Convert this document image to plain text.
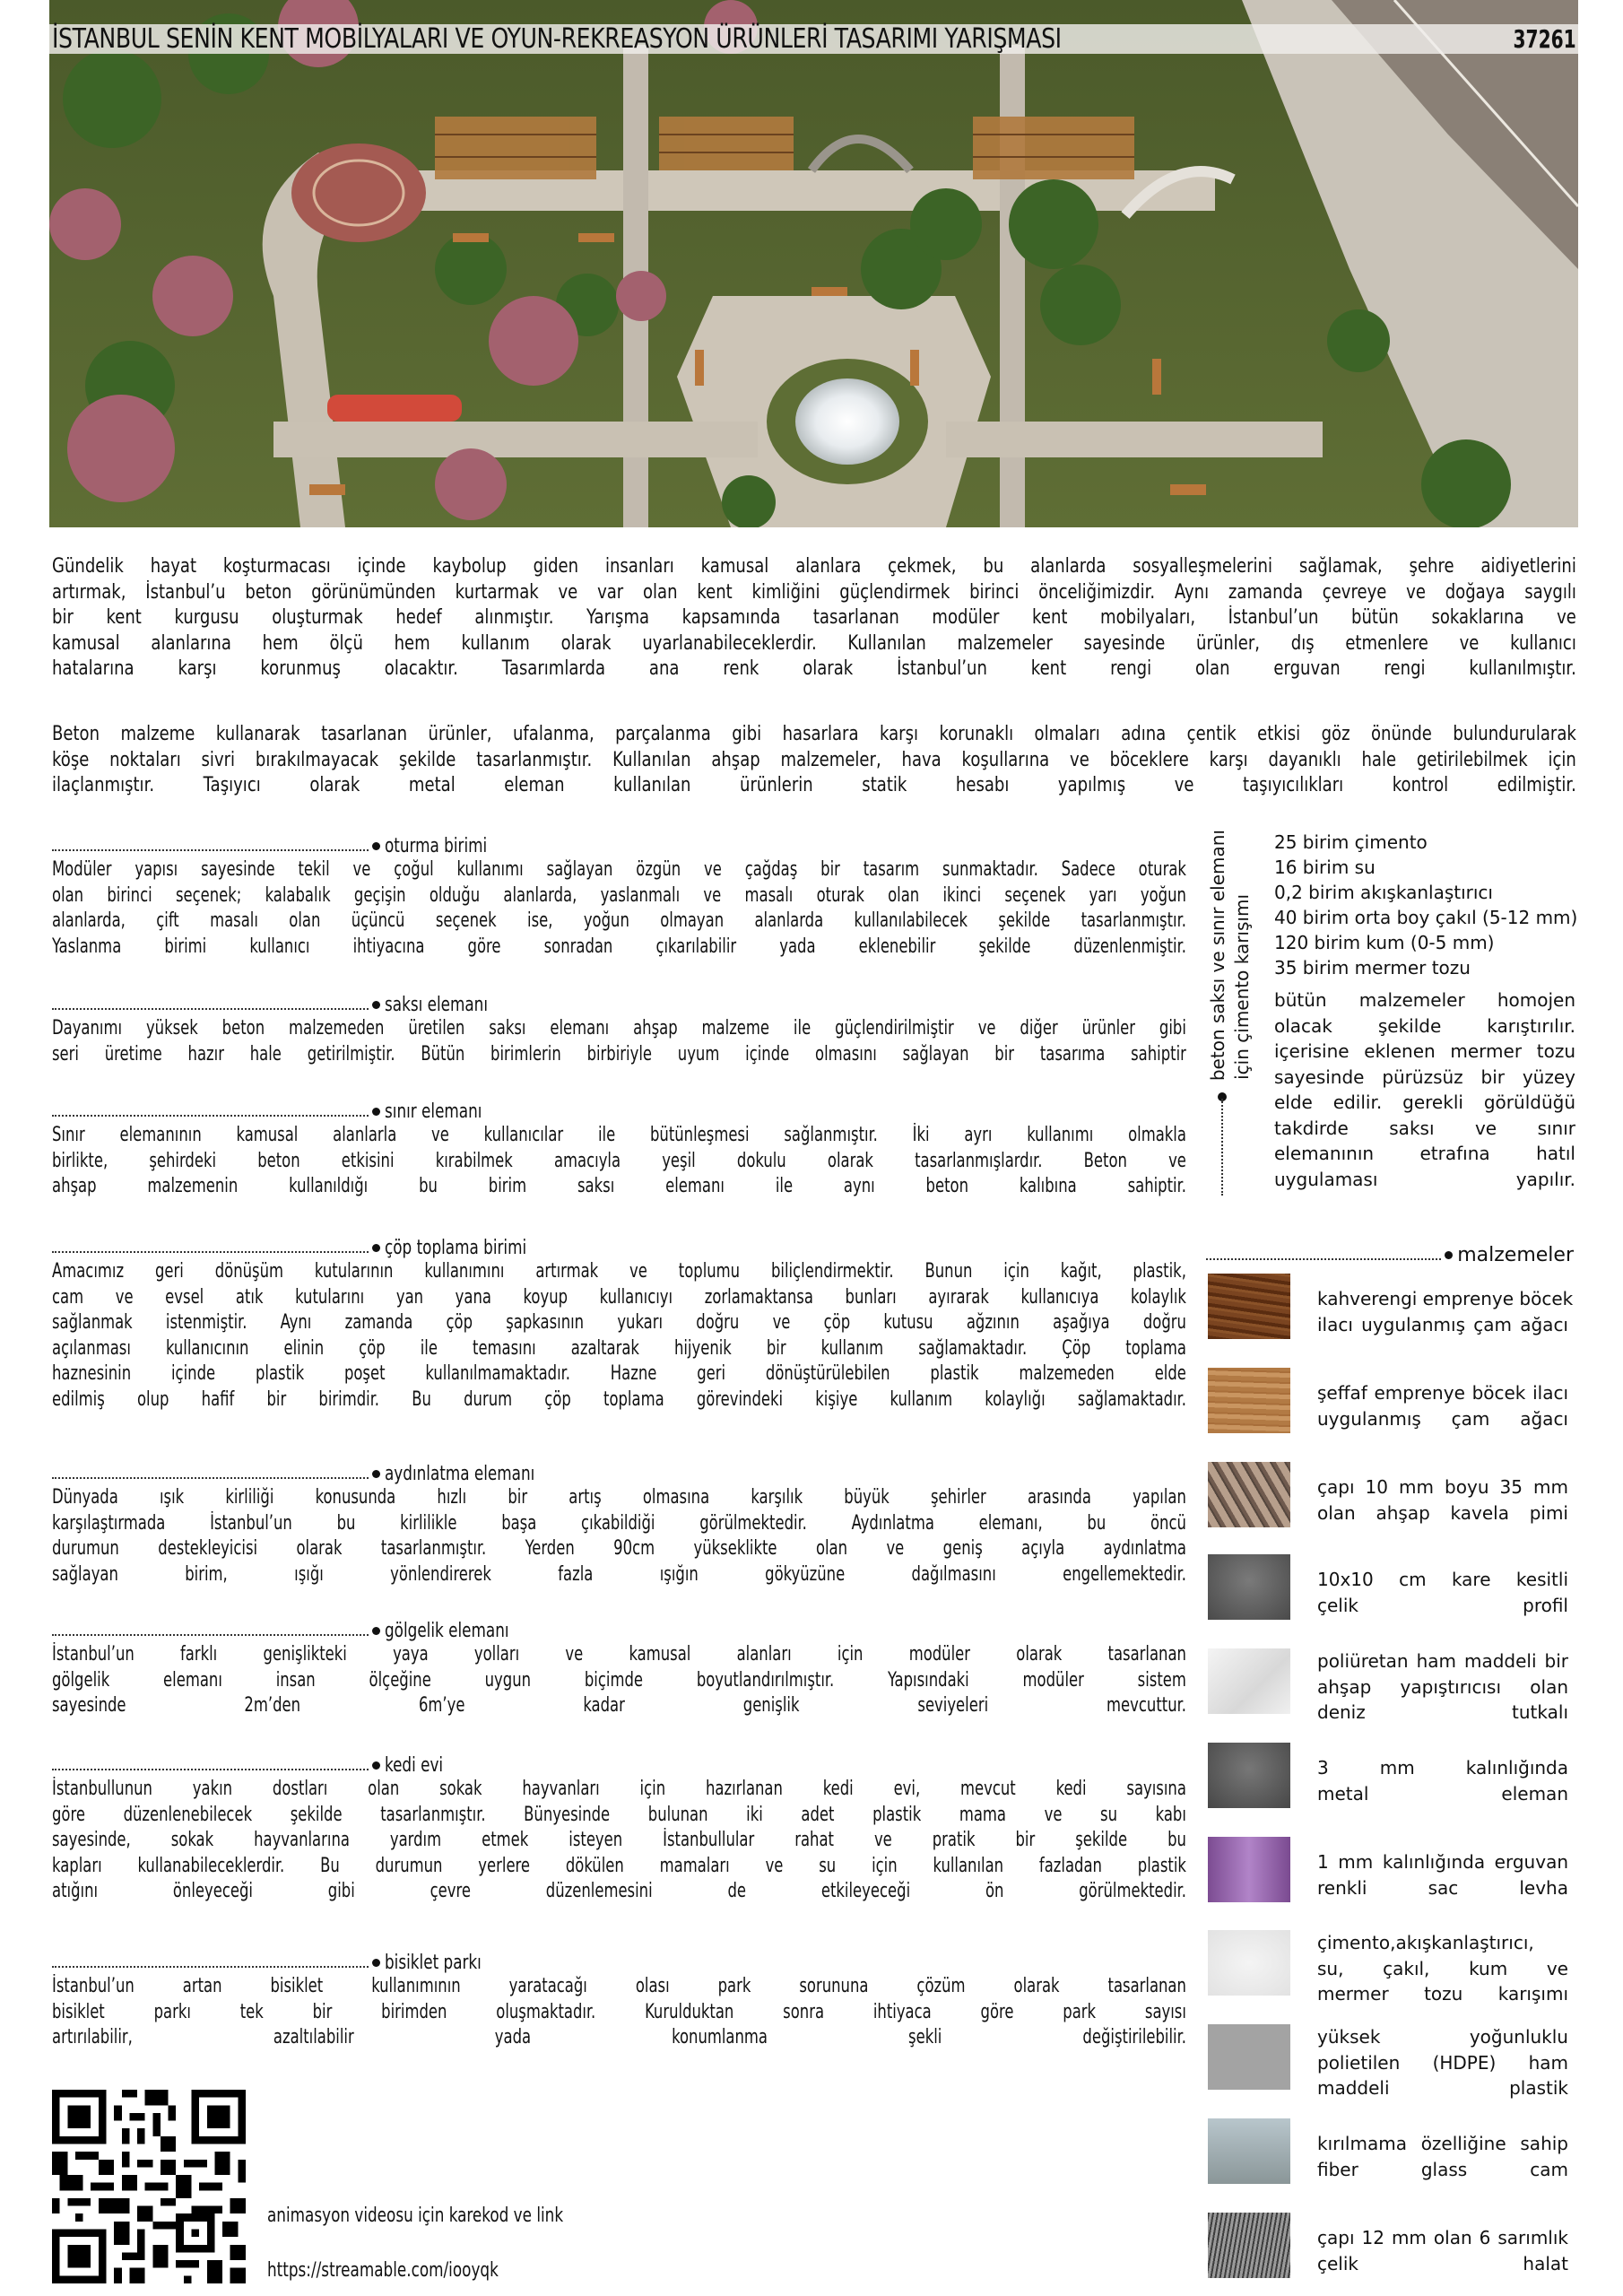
İSTANBUL SENİN KENT MOBİLYALARI VE OYUN-REKREASYON ÜRÜNLERİ TASARIMI YARIŞMASI	37261
Gündelik hayat koşturmacası içinde kaybolup giden insanları kamusal alanlara çekmek, bu alanlarda sosyalleşmelerini sağlamak, şehre aidiyetlerini
artırmak, İstanbul’u beton görünümünden kurtarmak ve var olan kent kimliğini güçlendirmek birinci önceliğimizdir. Aynı zamanda çevreye ve doğaya saygılı
bir kent kurgusu oluşturmak hedef alınmıştır. Yarışma kapsamında tasarlanan modüler kent mobilyaları, İstanbul’un bütün sokaklarına ve
kamusal alanlarına hem ölçü hem kullanım olarak uyarlanabileceklerdir. Kullanılan malzemeler sayesinde ürünler, dış etmenlere ve kullanıcı
hatalarına karşı korunmuş olacaktır. Tasarımlarda ana renk olarak İstanbul’un kent rengi olan erguvan rengi kullanılmıştır.
Beton malzeme kullanarak tasarlanan ürünler, ufalanma, parçalanma gibi hasarlara karşı korunaklı olmaları adına çentik etkisi göz önünde bulundurularak
köşe noktaları sivri bırakılmayacak şekilde tasarlanmıştır. Kullanılan ahşap malzemeler, hava koşullarına ve böceklere karşı dayanıklı hale getirilebilmek için
ilaçlanmıştır. Taşıyıcı olarak metal eleman kullanılan ürünlerin statik hesabı yapılmış ve taşıyıcılıkları kontrol edilmiştir.
oturma birimi
Modüler yapısı sayesinde tekil ve çoğul kullanımı sağlayan özgün ve çağdaş bir tasarım sunmaktadır. Sadece oturak
olan birinci seçenek; kalabalık geçişin olduğu alanlarda, yaslanmalı ve masalı oturak olan ikinci seçenek yarı yoğun
alanlarda, çift masalı olan üçüncü seçenek ise, yoğun olmayan alanlarda kullanılabilecek şekilde tasarlanmıştır.
Yaslanma birimi kullanıcı ihtiyacına göre sonradan çıkarılabilir yada eklenebilir şekilde düzenlenmiştir.
saksı elemanı
Dayanımı yüksek beton malzemeden üretilen saksı elemanı ahşap malzeme ile güçlendirilmiştir ve diğer ürünler gibi
seri üretime hazır hale getirilmiştir. Bütün birimlerin birbiriyle uyum içinde olmasını sağlayan bir tasarıma sahiptir
sınır elemanı
Sınır elemanının kamusal alanlarla ve kullanıcılar ile bütünleşmesi sağlanmıştır. İki ayrı kullanımı olmakla
birlikte, şehirdeki beton etkisini kırabilmek amacıyla yeşil dokulu olarak tasarlanmışlardır. Beton ve
ahşap malzemenin kullanıldığı bu birim saksı elemanı ile aynı beton kalıbına sahiptir.
çöp toplama birimi
Amacımız geri dönüşüm kutularının kullanımını artırmak ve toplumu biliçlendirmektir. Bunun için kağıt, plastik,
cam ve evsel atık kutularını yan yana koyup kullanıcıyı zorlamaktansa bunları ayırarak kullanıcıya kolaylık
sağlanmak istenmiştir. Aynı zamanda çöp şapkasının yukarı doğru ve çöp kutusu ağzının aşağıya doğru
açılanması kullanıcının elinin çöp ile temasını azaltarak hijyenik bir kullanım sağlamaktadır. Çöp toplama
haznesinin içinde plastik poşet kullanılmamaktadır. Hazne geri dönüştürülebilen plastik malzemeden elde
edilmiş olup hafif bir birimdir. Bu durum çöp toplama görevindeki kişiye kullanım kolaylığı sağlamaktadır.
aydınlatma elemanı
Dünyada ışık kirliliği konusunda hızlı bir artış olmasına karşılık büyük şehirler arasında yapılan
karşılaştırmada İstanbul’un bu kirlilikle başa çıkabildiği görülmektedir. Aydınlatma elemanı, bu öncü
durumun destekleyicisi olarak tasarlanmıştır. Yerden 90cm yükseklikte olan ve geniş açıyla aydınlatma
sağlayan birim, ışığı yönlendirerek fazla ışığın gökyüzüne dağılmasını engellemektedir.
gölgelik elemanı
İstanbul’un farklı genişlikteki yaya yolları ve kamusal alanları için modüler olarak tasarlanan
gölgelik elemanı insan ölçeğine uygun biçimde boyutlandırılmıştır. Yapısındaki modüler sistem
sayesinde 2m’den 6m’ye kadar genişlik seviyeleri mevcuttur.
kedi evi
İstanbullunun yakın dostları olan sokak hayvanları için hazırlanan kedi evi, mevcut kedi sayısına
göre düzenlenebilecek şekilde tasarlanmıştır. Bünyesinde bulunan iki adet plastik mama ve su kabı
sayesinde, sokak hayvanlarına yardım etmek isteyen İstanbullular rahat ve pratik bir şekilde bu
kapları kullanabileceklerdir. Bu durumun yerlere dökülen mamaları ve su için kullanılan fazladan plastik
atığını önleyeceği gibi çevre düzenlemesini de etkileyeceği ön görülmektedir.
bisiklet parkı
İstanbul’un artan bisiklet kullanımının yaratacağı olası park sorununa çözüm olarak tasarlanan
bisiklet parkı tek bir birimden oluşmaktadır. Kurulduktan sonra ihtiyaca göre park sayısı
artırılabilir, azaltılabilir yada konumlanma şekli değiştirilebilir.
beton saksı ve sınır elemanı için çimento karışımı
25 birim çimento
16 birim su
0,2 birim akışkanlaştırıcı
40 birim orta boy çakıl (5-12 mm)
120 birim kum (0-5 mm)
35 birim mermer tozu
bütün malzemeler homojen
olacak şekilde karıştırılır.
içerisine eklenen mermer tozu
sayesinde pürüzsüz bir yüzey
elde edilir. gerekli görüldüğü
takdirde saksı ve sınır
elemanının etrafına hatıl
uygulaması yapılır.
malzemeler
kahverengi emprenye böcek
ilacı uygulanmış çam ağacı
şeffaf emprenye böcek ilacı
uygulanmış çam ağacı
çapı 10 mm boyu 35 mm
olan ahşap kavela pimi
10x10 cm kare kesitli
çelik profil
poliüretan ham maddeli bir
ahşap yapıştırıcısı olan
deniz tutkalı
3 mm kalınlığında
metal eleman
1 mm kalınlığında erguvan
renkli sac levha
çimento,akışkanlaştırıcı,
su, çakıl, kum ve
mermer tozu karışımı
yüksek yoğunluklu
polietilen (HDPE) ham
maddeli plastik
kırılmama özelliğine sahip
fiber glass cam
çapı 12 mm olan 6 sarımlık
çelik halat
animasyon videosu için karekod ve link
https://streamable.com/iooyqk
